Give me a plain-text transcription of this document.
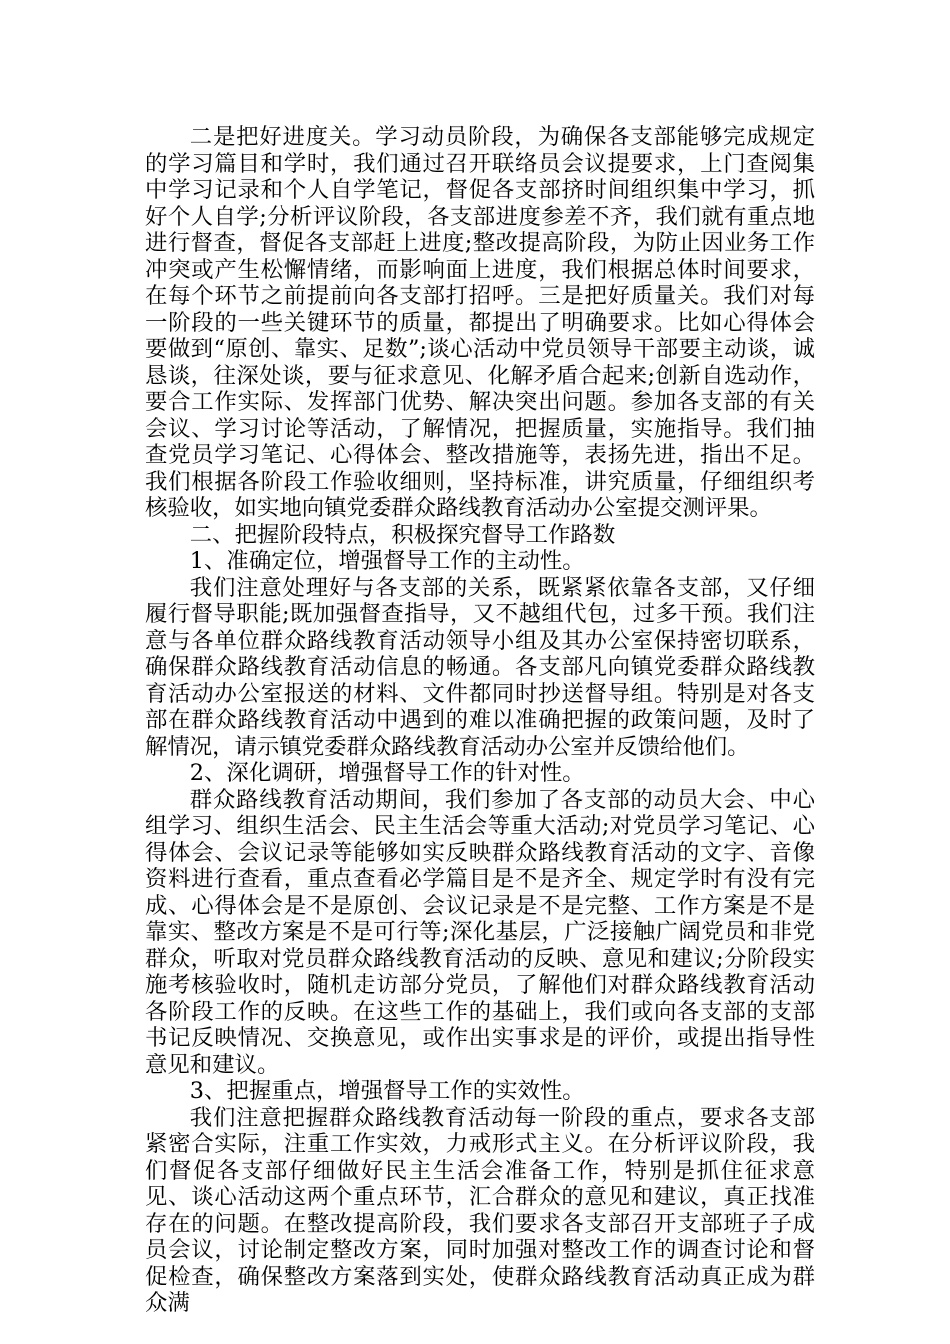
二是把好进度关。学习动员阶段，为确保各支部能够完成规定的学习篇目和学时，我们通过召开联络员会议提要求，上门查阅集中学习记录和个人自学笔记，督促各支部挤时间组织集中学习，抓好个人自学;分析评议阶段，各支部进度参差不齐，我们就有重点地进行督查，督促各支部赶上进度;整改提高阶段，为防止因业务工作冲突或产生松懈情绪，而影响面上进度，我们根据总体时间要求，在每个环节之前提前向各支部打招呼。三是把好质量关。我们对每一阶段的一些关键环节的质量，都提出了明确要求。比如心得体会要做到“原创、靠实、足数”;谈心活动中党员领导干部要主动谈，诚恳谈，往深处谈，要与征求意见、化解矛盾合起来;创新自选动作，要合工作实际、发挥部门优势、解决突出问题。参加各支部的有关会议、学习讨论等活动，了解情况，把握质量，实施指导。我们抽查党员学习笔记、心得体会、整改措施等，表扬先进，指出不足。我们根据各阶段工作验收细则，坚持标准，讲究质量，仔细组织考核验收，如实地向镇党委群众路线教育活动办公室提交测评果。

二、把握阶段特点，积极探究督导工作路数

1、准确定位，增强督导工作的主动性。

我们注意处理好与各支部的关系，既紧紧依靠各支部，又仔细履行督导职能;既加强督查指导，又不越组代包，过多干预。我们注意与各单位群众路线教育活动领导小组及其办公室保持密切联系，确保群众路线教育活动信息的畅通。各支部凡向镇党委群众路线教育活动办公室报送的材料、文件都同时抄送督导组。特别是对各支部在群众路线教育活动中遇到的难以准确把握的政策问题，及时了解情况，请示镇党委群众路线教育活动办公室并反馈给他们。

2、深化调研，增强督导工作的针对性。

群众路线教育活动期间，我们参加了各支部的动员大会、中心组学习、组织生活会、民主生活会等重大活动;对党员学习笔记、心得体会、会议记录等能够如实反映群众路线教育活动的文字、音像资料进行查看，重点查看必学篇目是不是齐全、规定学时有没有完成、心得体会是不是原创、会议记录是不是完整、工作方案是不是靠实、整改方案是不是可行等;深化基层，广泛接触广阔党员和非党群众，听取对党员群众路线教育活动的反映、意见和建议;分阶段实施考核验收时，随机走访部分党员，了解他们对群众路线教育活动各阶段工作的反映。在这些工作的基础上，我们或向各支部的支部书记反映情况、交换意见，或作出实事求是的评价，或提出指导性意见和建议。

3、把握重点，增强督导工作的实效性。

我们注意把握群众路线教育活动每一阶段的重点，要求各支部紧密合实际，注重工作实效，力戒形式主义。在分析评议阶段，我们督促各支部仔细做好民主生活会准备工作，特别是抓住征求意见、谈心活动这两个重点环节，汇合群众的意见和建议，真正找准存在的问题。在整改提高阶段，我们要求各支部召开支部班子子成员会议，讨论制定整改方案，同时加强对整改工作的调查讨论和督促检查，确保整改方案落到实处，使群众路线教育活动真正成为群众满
